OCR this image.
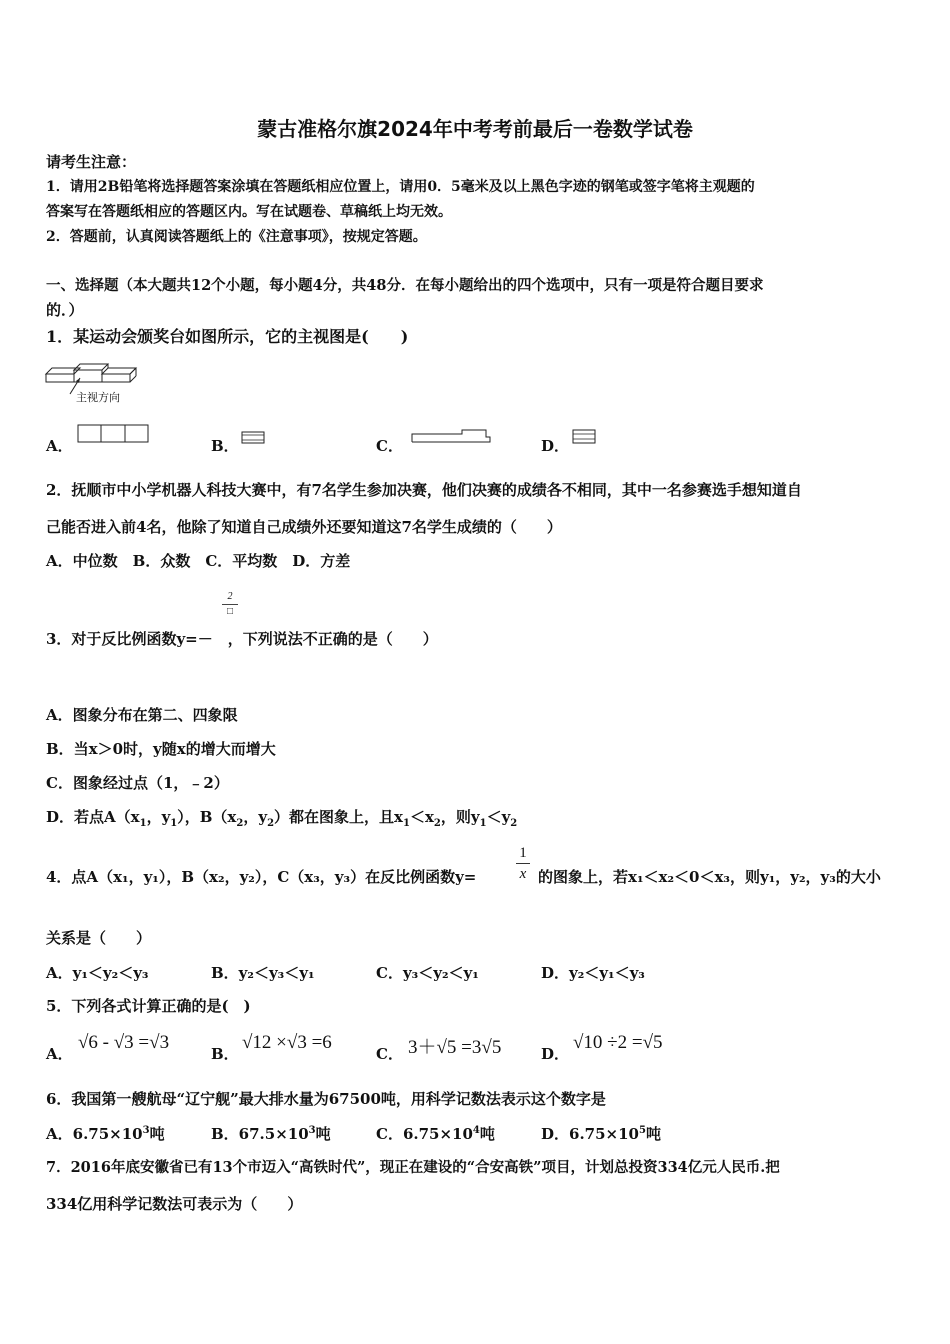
蒙古准格尔旗2024年中考考前最后一卷数学试卷
请考生注意：
1．请用2B铅笔将选择题答案涂填在答题纸相应位置上，请用0．5毫米及以上黑色字迹的钢笔或签字笔将主观题的
答案写在答题纸相应的答题区内。写在试题卷、草稿纸上均无效。
2．答题前，认真阅读答题纸上的《注意事项》，按规定答题。
一、选择题（本大题共12个小题，每小题4分，共48分．在每小题给出的四个选项中，只有一项是符合题目要求
的．）
1．某运动会颁奖台如图所示，它的主视图是(　　)
主视方向
A．	B．	C．	D．
2．抚顺市中小学机器人科技大赛中，有7名学生参加决赛，他们决赛的成绩各不相同，其中一名参赛选手想知道自
己能否进入前4名，他除了知道自己成绩外还要知道这7名学生成绩的（　　）
A．中位数　B．众数　C．平均数　D．方差
2
□
3．对于反比例函数y=－　，下列说法不正确的是（　　）
A．图象分布在第二、四象限
B．当x＞0时，y随x的增大而增大
C．图象经过点（1，﹣2）
D．若点$A(x_1$，$y_1$），$B(x_2$，$y_2$）都在图象上，且$x_1<x_2$，则$y_1<y_2$
4．点A（x₁，y₁），B（x₂，y₂），C（x₃，y₃）在反比例函数y=
1
x 的图象上，若x₁＜x₂＜0＜x₃，则y₁，y₂，y₃的大小
关系是（　　）
A．y₁＜y₂＜y₃	B．y₂＜y₃＜y₁	C．y₃＜y₂＜y₁	D．y₂＜y₁＜y₃
5．下列各式计算正确的是(　)
A．
√6 - √3 =√3
B．
√12 ×√3 =6
C． 3＋√5 =3√5	D．
√10 ÷2 =√5
6．我国第一艘航母“辽宁舰”最大排水量为67500吨，用科学记数法表示这个数字是
A．$6.75\times 10^3$吨	B．$67.5\times 10^3$吨	C．$6.75\times 10^4$吨	D．$6.75\times 10^5$吨
7．2016年底安徽省已有13个市迈入“高铁时代”，现正在建设的“合安高铁”项目，计划总投资334亿元人民币.把
334亿用科学记数法可表示为（　　）
